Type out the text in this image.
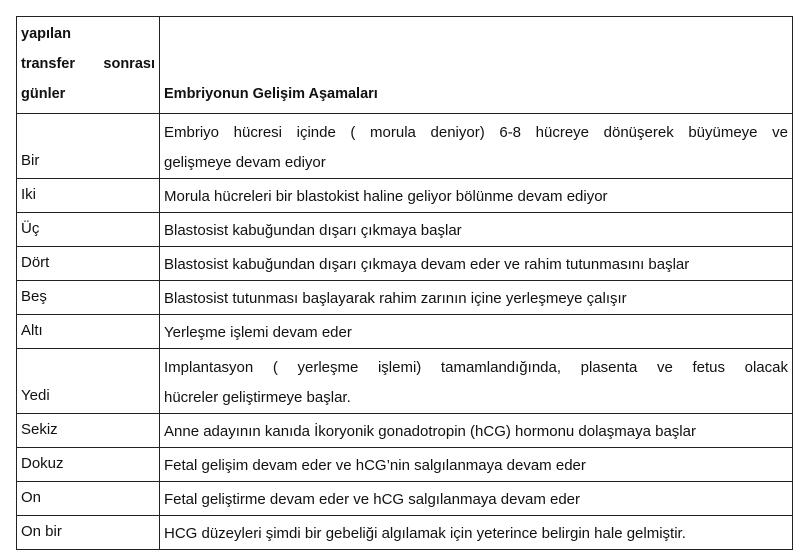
yapılan
transfer sonrası
günler	Embriyonun Gelişim Aşamaları
Bir	Embriyo hücresi içinde ( morula deniyor) 6-8 hücreye dönüşerek büyümeye ve
gelişmeye devam ediyor

Iki	Morula hücreleri bir blastokist haline geliyor bölünme devam ediyor
Üç	Blastosist kabuğundan dışarı çıkmaya başlar
Dört	Blastosist kabuğundan dışarı çıkmaya devam eder ve rahim tutunmasını başlar
Beş	Blastosist tutunması başlayarak rahim zarının içine yerleşmeye çalışır
Altı	Yerleşme işlemi devam eder
Yedi	Implantasyon ( yerleşme işlemi) tamamlandığında, plasenta ve fetus olacak
hücreler geliştirmeye başlar.

Sekiz	Anne adayının kanıda İkoryonik gonadotropin (hCG) hormonu dolaşmaya başlar
Dokuz	Fetal gelişim devam eder ve hCG’nin salgılanmaya devam eder
On	Fetal geliştirme devam eder ve hCG salgılanmaya devam eder
On bir	HCG düzeyleri şimdi bir gebeliği algılamak için yeterince belirgin hale gelmiştir.
